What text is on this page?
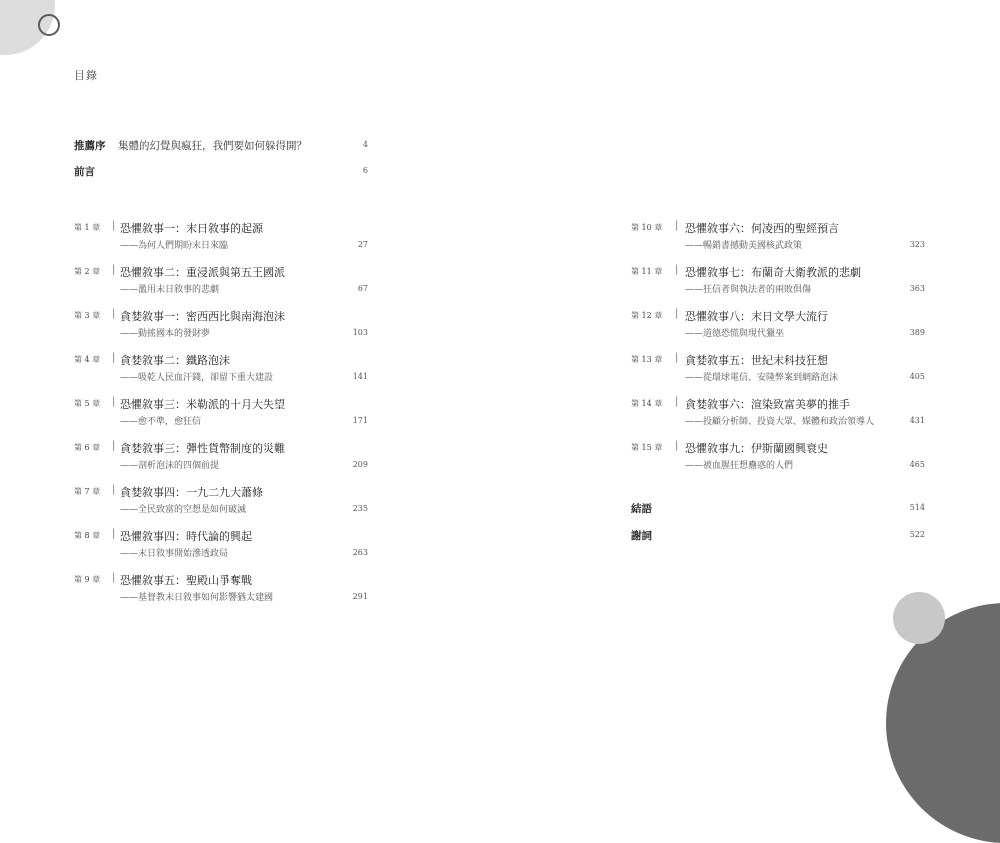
目錄
推薦序 集體的幻覺與瘋狂，我們要如何躲得開？	4
前言	6
第 1 章 | 恐懼敘事一：末日敘事的起源
——為何人們期盼末日來臨	27
第 2 章 | 恐懼敘事二：重浸派與第五王國派
——濫用末日敘事的悲劇	67
第 3 章 | 貪婪敘事一：密西西比與南海泡沫
——動搖國本的發財夢	103
第 4 章 | 貪婪敘事二：鐵路泡沫
——吸乾人民血汗錢，卻留下重大建設	141
第 5 章 | 恐懼敘事三：米勒派的十月大失望
——愈不準，愈狂信	171
第 6 章 | 貪婪敘事三：彈性貨幣制度的災難
——剖析泡沫的四個前提	209
第 7 章 | 貪婪敘事四：一九二九大蕭條
——全民致富的空想是如何破滅	235
第 8 章 | 恐懼敘事四：時代論的興起
——末日敘事開始滲透政局	263
第 9 章 | 恐懼敘事五：聖殿山爭奪戰
——基督教末日敘事如何影響猶太建國	291
第 10 章 | 恐懼敘事六：何凌西的聖經預言
——暢銷書撼動美國核武政策	323
第 11 章 | 恐懼敘事七：布蘭奇大衛教派的悲劇
——狂信者與執法者的兩敗俱傷	363
第 12 章 | 恐懼敘事八：末日文學大流行
——道德恐慌與現代獵巫	389
第 13 章 | 貪婪敘事五：世紀末科技狂想
——從環球電信、安隆弊案到網路泡沫	405
第 14 章 | 貪婪敘事六：渲染致富美夢的推手
——投顧分析師、投資大眾、媒體和政治領導人	431
第 15 章 | 恐懼敘事九：伊斯蘭國興衰史
——被血腥狂想蠱惑的人們	465
結語	514
謝詞	522
